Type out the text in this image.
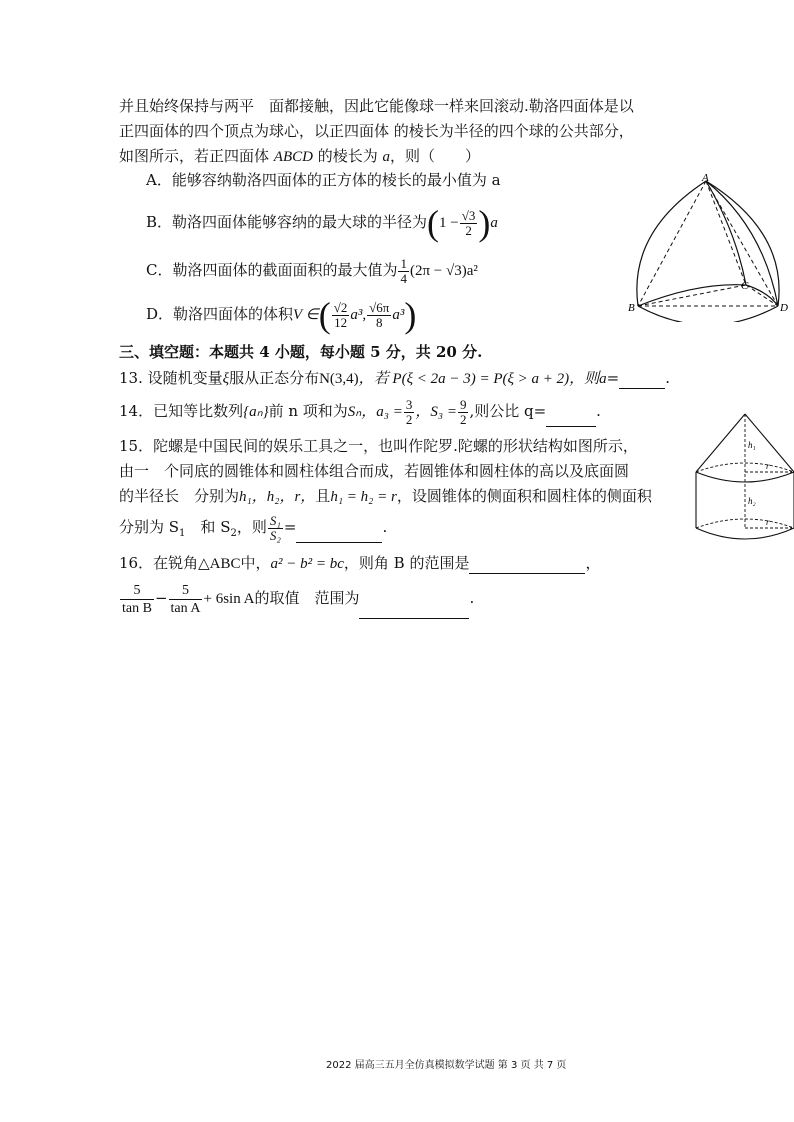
并且始终保持与两平　面都接触，因此它能像球一样来回滚动.勒洛四面体是以
正四面体的四个顶点为球心，以正四面体 的棱长为半径的四个球的公共部分，
如图所示，若正四面体 ABCD 的棱长为 a，则（　　）
A．能够容纳勒洛四面体的正方体的棱长的最小值为 a
B．勒洛四面体能够容纳的最大球的半径为$(1 - \frac{√3}{2} )a$
C．勒洛四面体的截面面积的最大值为 $\frac{1}{4} (2\pi - √3)a^2$
D．勒洛四面体的体积V ∈( $\frac{√2}{12} a^3$, $\frac{√6\pi}{8} a^3$)
A
B
C
D
三、填空题：本题共 4 小题，每小题 5 分，共 20 分.
13. 设随机变量ξ服从正态分布N(3,4)，若 P(ξ < 2a − 3) = P(ξ > a + 2)，则a=	.
14．已知等比数列{aₙ}前 n 项和为Sₙ，$a_3 = \frac{3}{2}$ ，$S_3 = \frac{9}{2}$ ,则公比 q=	.
15．陀螺是中国民间的娱乐工具之一，也叫作陀罗.陀螺的形状结构如图所示，
由一　个同底的圆锥体和圆柱体组合而成，若圆锥体和圆柱体的高以及底面圆
的半径长　分别为h₁，h₂，r，且h₁ = h₂ = r，设圆锥体的侧面积和圆柱体的侧面积
分别为 $S_1$　和 $S_2$，则 $\frac{\text{S₁}}{\text{S₂}}$ =	.
h₁
h₂
r
r
16．在锐角△ABC中，a² − b² = bc，则角 B 的范围是	，
$\frac{5}{\text{tan B}} - \frac{5}{\text{tan A}} + 6\sin$ A的取值　范围为	.
2022 届高三五月全仿真模拟数学试题 第 3 页 共 7 页
